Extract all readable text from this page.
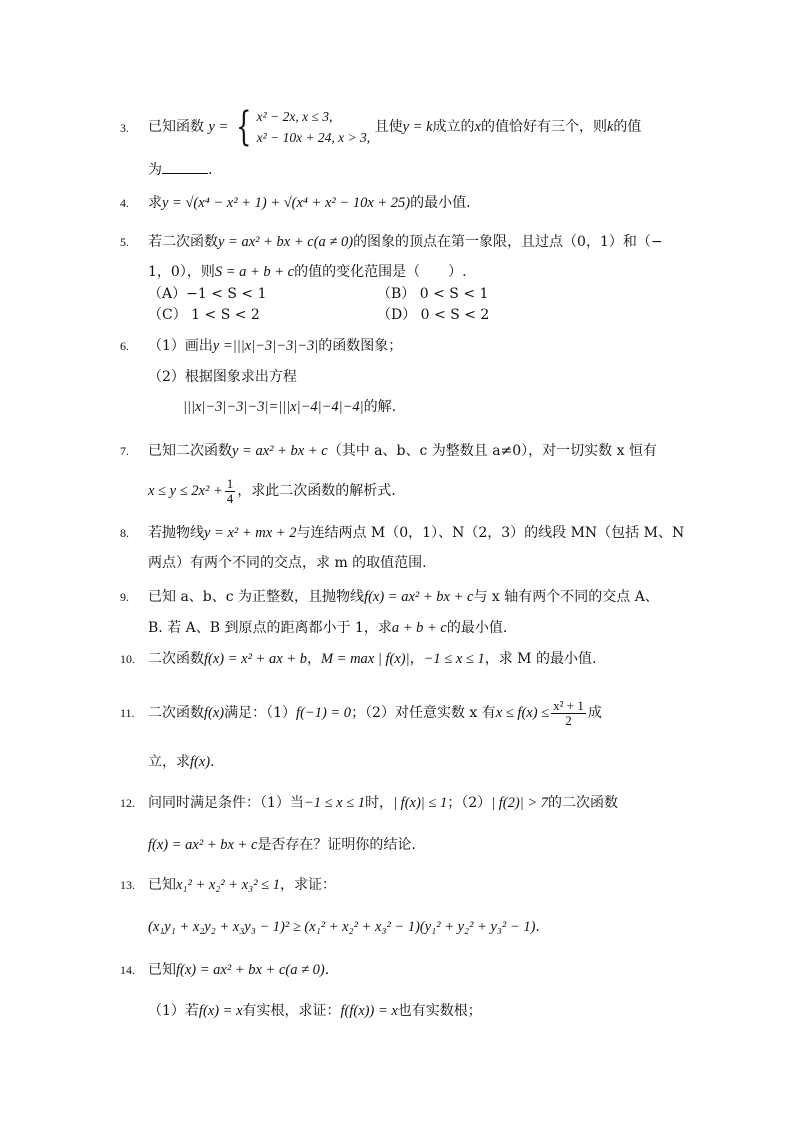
3. 已知函数 y = { x² − 2x, x ≤ 3,
x² − 10x + 24, x > 3,
且使y = k成立的x的值恰好有三个，则k的值
为	.
4. 求y = √(x⁴ − x² + 1) + √(x⁴ + x² − 10x + 25)的最小值.
5. 若二次函数y = ax² + bx + c(a ≠ 0)的图象的顶点在第一象限，且过点（0，1）和（−
1，0），则S = a + b + c的值的变化范围是（　　）.
（A）−1 < S < 1	（B） 0 < S < 1
（C） 1 < S < 2	（D） 0 < S < 2
6. （1）画出y =|||x|−3|−3|−3|的函数图象；
（2）根据图象求出方程
|||x|−3|−3|−3|=|||x|−4|−4|−4|的解.
7. 已知二次函数y = ax² + bx + c（其中 a、b、c 为整数且 a≠0），对一切实数 x 恒有
$x \le y \le 2x^2 + \frac{1}{4}$ ，求此二次函数的解析式.
8. 若抛物线y = x² + mx + 2与连结两点 M（0，1）、N（2，3）的线段 MN（包括 M、N
两点）有两个不同的交点，求 m 的取值范围.
9. 已知 a、b、c 为正整数，且抛物线f(x) = ax² + bx + c与 x 轴有两个不同的交点 A、
B. 若 A、B 到原点的距离都小于 1，求a + b + c的最小值.
10. 二次函数f(x) = x² + ax + b，M = max | f(x)|，−1 ≤ x ≤ 1，求 M 的最小值.
11. 二次函数f(x)满足：（1）f(−1) = 0；（2）对任意实数 x 有$x \le f(x) \le \frac{\text{x² + 1}}{2}$ 成
立，求f(x).
12. 问同时满足条件：（1）当−1 ≤ x ≤ 1时，| f(x)| ≤ 1；（2）| f(2)| > 7的二次函数
f(x) = ax² + bx + c是否存在？证明你的结论.
13. 已知x₁² + x₂² + x₃² ≤ 1，求证：
(x₁y₁ + x₂y₂ + x₃y₃ − 1)² ≥ (x₁² + x₂² + x₃² − 1)(y₁² + y₂² + y₃² − 1).
14. 已知f(x) = ax² + bx + c(a ≠ 0).
（1）若f(x) = x有实根，求证：f(f(x)) = x也有实数根；
